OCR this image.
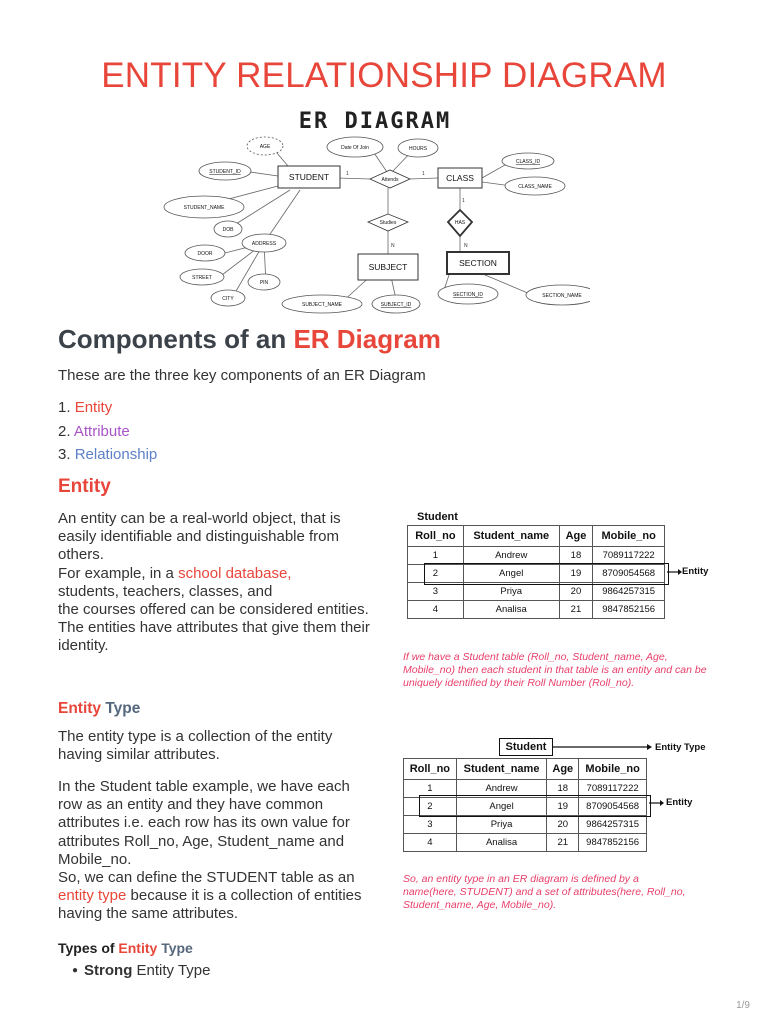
ENTITY RELATIONSHIP DIAGRAM
ER DIAGRAM
STUDENT	CLASS
SUBJECT	SECTION
Attends
Studies	HAS
AGE	Date Of Join	HOURS
STUDENT_ID
CLASS_ID
CLASS_NAME
STUDENT_NAME
DOB
ADDRESS
DOOR
STREET
PIN
CITY
SUBJECT_NAME	SUBJECT_ID
SECTION_ID	SECTION_NAME
1	1
1
N	N
Components of an ER Diagram
These are the three key components of an ER Diagram
1. Entity
2. Attribute
3. Relationship
Entity
An entity can be a real-world object, that is easily identifiable and distinguishable from others.
For example, in a school database,
students, teachers, classes, and
the courses offered can be considered entities. The entities have attributes that give them their identity.
Student
Roll_no	Student_name	Age	Mobile_no
1	Andrew	18	7089117222
2	Angel	19	8709054568
3	Priya	20	9864257315
4	Analisa	21	9847852156
Entity
If we have a Student table (Roll_no, Student_name, Age, Mobile_no) then each student in that table is an entity and can be uniquely identified by their Roll Number (Roll_no).
Entity Type
The entity type is a collection of the entity having similar attributes.
In the Student table example, we have each row as an entity and they have common attributes i.e. each row has its own value for attributes Roll_no, Age, Student_name and Mobile_no.
So, we can define the STUDENT table as an entity type because it is a collection of entities having the same attributes.
Student	Entity Type
Roll_no	Student_name	Age	Mobile_no
1	Andrew	18	7089117222
2	Angel	19	8709054568
3	Priya	20	9864257315
4	Analisa	21	9847852156
Entity
So, an entity type in an ER diagram is defined by a name(here, STUDENT) and a set of attributes(here, Roll_no, Student_name, Age, Mobile_no).
Types of Entity Type
● Strong Entity Type
1/9
